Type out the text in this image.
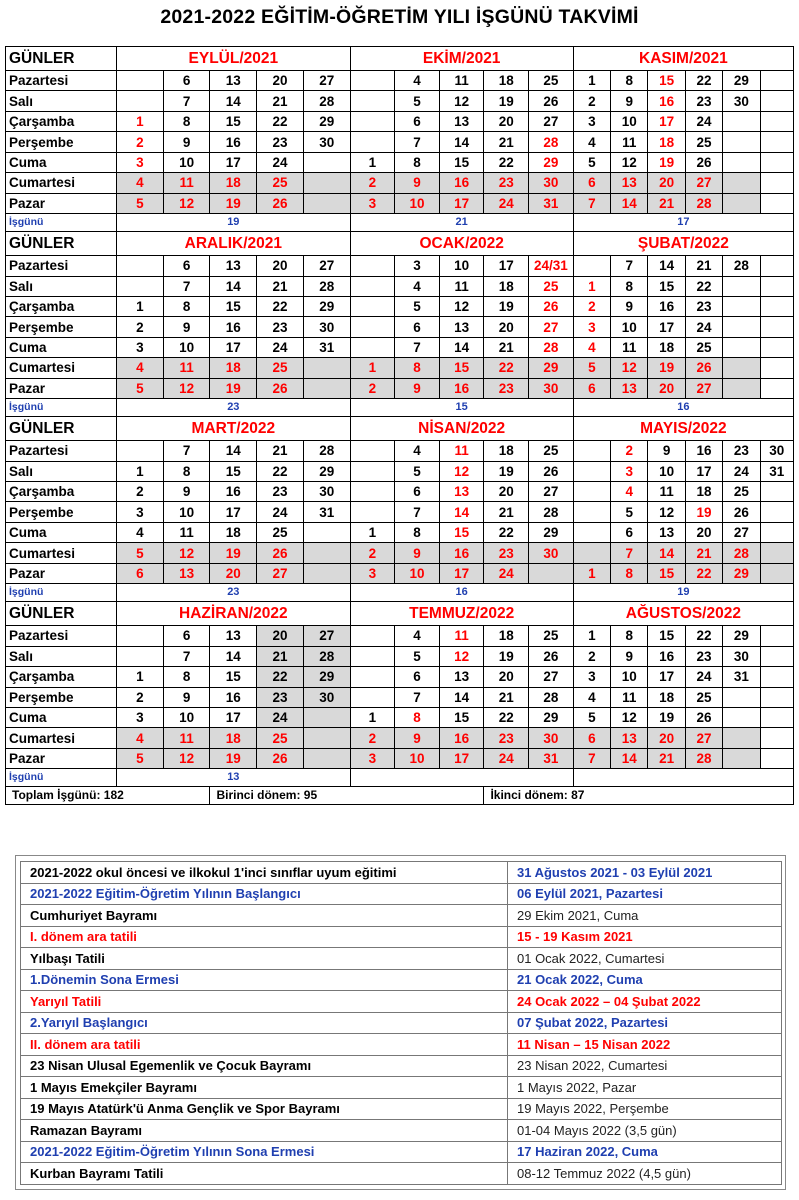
2021-2022 EĞİTİM-ÖĞRETİM YILI İŞGÜNÜ TAKVİMİ
GÜNLER	EYLÜL/2021					EKİM/2021					KASIM/2021					
Pazartesi		6	13	20	27		4	11	18	25	1	8	15	22	29	
Salı		7	14	21	28		5	12	19	26	2	9	16	23	30	
Çarşamba	1	8	15	22	29		6	13	20	27	3	10	17	24		
Perşembe	2	9	16	23	30		7	14	21	28	4	11	18	25		
Cuma	3	10	17	24		1	8	15	22	29	5	12	19	26		
Cumartesi	4	11	18	25		2	9	16	23	30	6	13	20	27		
Pazar	5	12	19	26		3	10	17	24	31	7	14	21	28		
İşgünü	19					21					17					
GÜNLER	ARALIK/2021					OCAK/2022					ŞUBAT/2022					
Pazartesi		6	13	20	27		3	10	17	24/31		7	14	21	28	
Salı		7	14	21	28		4	11	18	25	1	8	15	22		
Çarşamba	1	8	15	22	29		5	12	19	26	2	9	16	23		
Perşembe	2	9	16	23	30		6	13	20	27	3	10	17	24		
Cuma	3	10	17	24	31		7	14	21	28	4	11	18	25		
Cumartesi	4	11	18	25		1	8	15	22	29	5	12	19	26		
Pazar	5	12	19	26		2	9	16	23	30	6	13	20	27		
İşgünü	23					15					16					
GÜNLER	MART/2022					NİSAN/2022					MAYIS/2022					
Pazartesi		7	14	21	28		4	11	18	25		2	9	16	23	30
Salı	1	8	15	22	29		5	12	19	26		3	10	17	24	31
Çarşamba	2	9	16	23	30		6	13	20	27		4	11	18	25	
Perşembe	3	10	17	24	31		7	14	21	28		5	12	19	26	
Cuma	4	11	18	25		1	8	15	22	29		6	13	20	27	
Cumartesi	5	12	19	26		2	9	16	23	30		7	14	21	28	
Pazar	6	13	20	27		3	10	17	24		1	8	15	22	29	
İşgünü	23					16					19					
GÜNLER	HAZİRAN/2022					TEMMUZ/2022					AĞUSTOS/2022					
Pazartesi		6	13	20	27		4	11	18	25	1	8	15	22	29	
Salı		7	14	21	28		5	12	19	26	2	9	16	23	30	
Çarşamba	1	8	15	22	29		6	13	20	27	3	10	17	24	31	
Perşembe	2	9	16	23	30		7	14	21	28	4	11	18	25		
Cuma	3	10	17	24		1	8	15	22	29	5	12	19	26		
Cumartesi	4	11	18	25		2	9	16	23	30	6	13	20	27		
Pazar	5	12	19	26		3	10	17	24	31	7	14	21	28		
İşgünü	13															
Toplam İşgünü: 182			Birinci dönem: 95						İkinci dönem: 87							
2021-2022 okul öncesi ve ilkokul 1'inci sınıflar uyum eğitimi	31 Ağustos 2021 - 03 Eylül 2021
2021-2022 Eğitim-Öğretim Yılının Başlangıcı	06 Eylül 2021, Pazartesi
Cumhuriyet Bayramı	29 Ekim 2021, Cuma
I. dönem ara tatili	15 - 19 Kasım 2021
Yılbaşı Tatili	01 Ocak 2022, Cumartesi
1.Dönemin Sona Ermesi	21 Ocak 2022, Cuma
Yarıyıl Tatili	24 Ocak 2022 – 04 Şubat 2022
2.Yarıyıl Başlangıcı	07 Şubat 2022, Pazartesi
II. dönem ara tatili	11 Nisan – 15 Nisan 2022
23 Nisan Ulusal Egemenlik ve Çocuk Bayramı	23 Nisan 2022, Cumartesi
1 Mayıs Emekçiler Bayramı	1 Mayıs 2022, Pazar
19 Mayıs Atatürk'ü Anma Gençlik ve Spor Bayramı	19 Mayıs 2022, Perşembe
Ramazan Bayramı	01-04 Mayıs 2022 (3,5 gün)
2021-2022 Eğitim-Öğretim Yılının Sona Ermesi	17 Haziran 2022, Cuma
Kurban Bayramı Tatili	08-12 Temmuz 2022 (4,5 gün)
